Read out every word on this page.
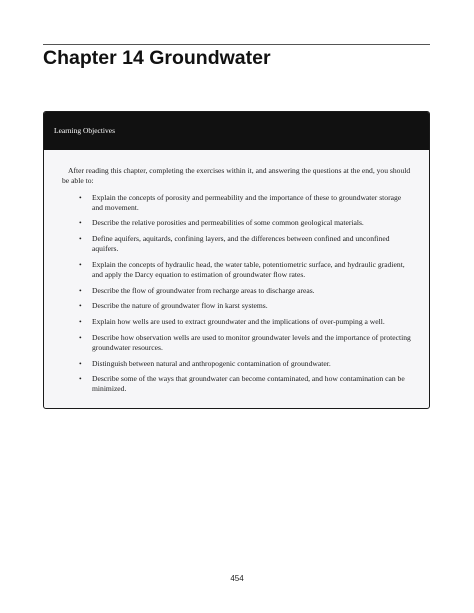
Chapter 14 Groundwater
Learning Objectives

After reading this chapter, completing the exercises within it, and answering the questions at the end, you should be able to:

• Explain the concepts of porosity and permeability and the importance of these to groundwater storage and movement.
• Describe the relative porosities and permeabilities of some common geological materials.
• Define aquifers, aquitards, confining layers, and the differences between confined and unconfined aquifers.
• Explain the concepts of hydraulic head, the water table, potentiometric surface, and hydraulic gradient, and apply the Darcy equation to estimation of groundwater flow rates.
• Describe the flow of groundwater from recharge areas to discharge areas.
• Describe the nature of groundwater flow in karst systems.
• Explain how wells are used to extract groundwater and the implications of over-pumping a well.
• Describe how observation wells are used to monitor groundwater levels and the importance of protecting groundwater resources.
• Distinguish between natural and anthropogenic contamination of groundwater.
• Describe some of the ways that groundwater can become contaminated, and how contamination can be minimized.
454
